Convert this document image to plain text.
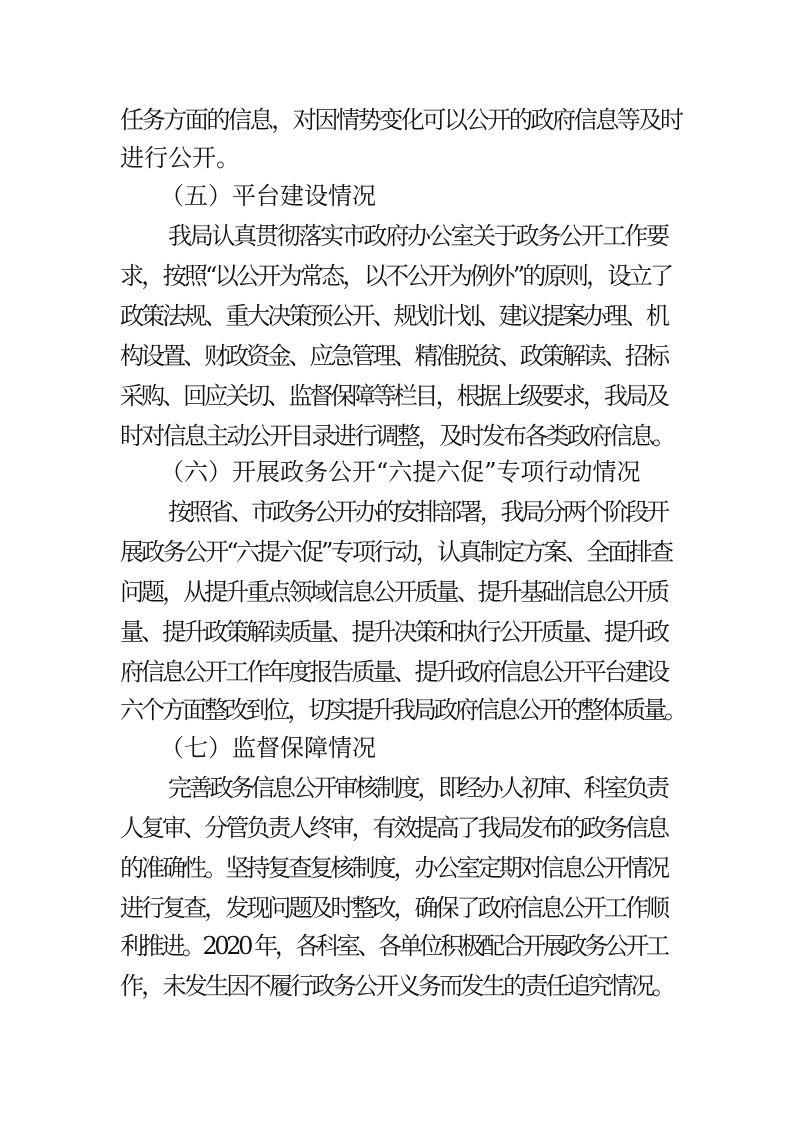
任务方面的信息，对因情势变化可以公开的政府信息等及时
进行公开。
（五）平台建设情况
我局认真贯彻落实市政府办公室关于政务公开工作要
求，按照“以公开为常态，以不公开为例外”的原则，设立了
政策法规、重大决策预公开、规划计划、建议提案办理、机
构设置、财政资金、应急管理、精准脱贫、政策解读、招标
采购、回应关切、监督保障等栏目，根据上级要求，我局及
时对信息主动公开目录进行调整，及时发布各类政府信息。
（六）开展政务公开“六提六促”专项行动情况
按照省、市政务公开办的安排部署，我局分两个阶段开
展政务公开“六提六促”专项行动，认真制定方案、全面排查
问题，从提升重点领域信息公开质量、提升基础信息公开质
量、提升政策解读质量、提升决策和执行公开质量、提升政
府信息公开工作年度报告质量、提升政府信息公开平台建设
六个方面整改到位，切实提升我局政府信息公开的整体质量。
（七）监督保障情况
完善政务信息公开审核制度，即经办人初审、科室负责
人复审、分管负责人终审，有效提高了我局发布的政务信息
的准确性。坚持复查复核制度，办公室定期对信息公开情况
进行复查，发现问题及时整改，确保了政府信息公开工作顺
利推进。2020 年，各科室、各单位积极配合开展政务公开工
作，未发生因不履行政务公开义务而发生的责任追究情况。
